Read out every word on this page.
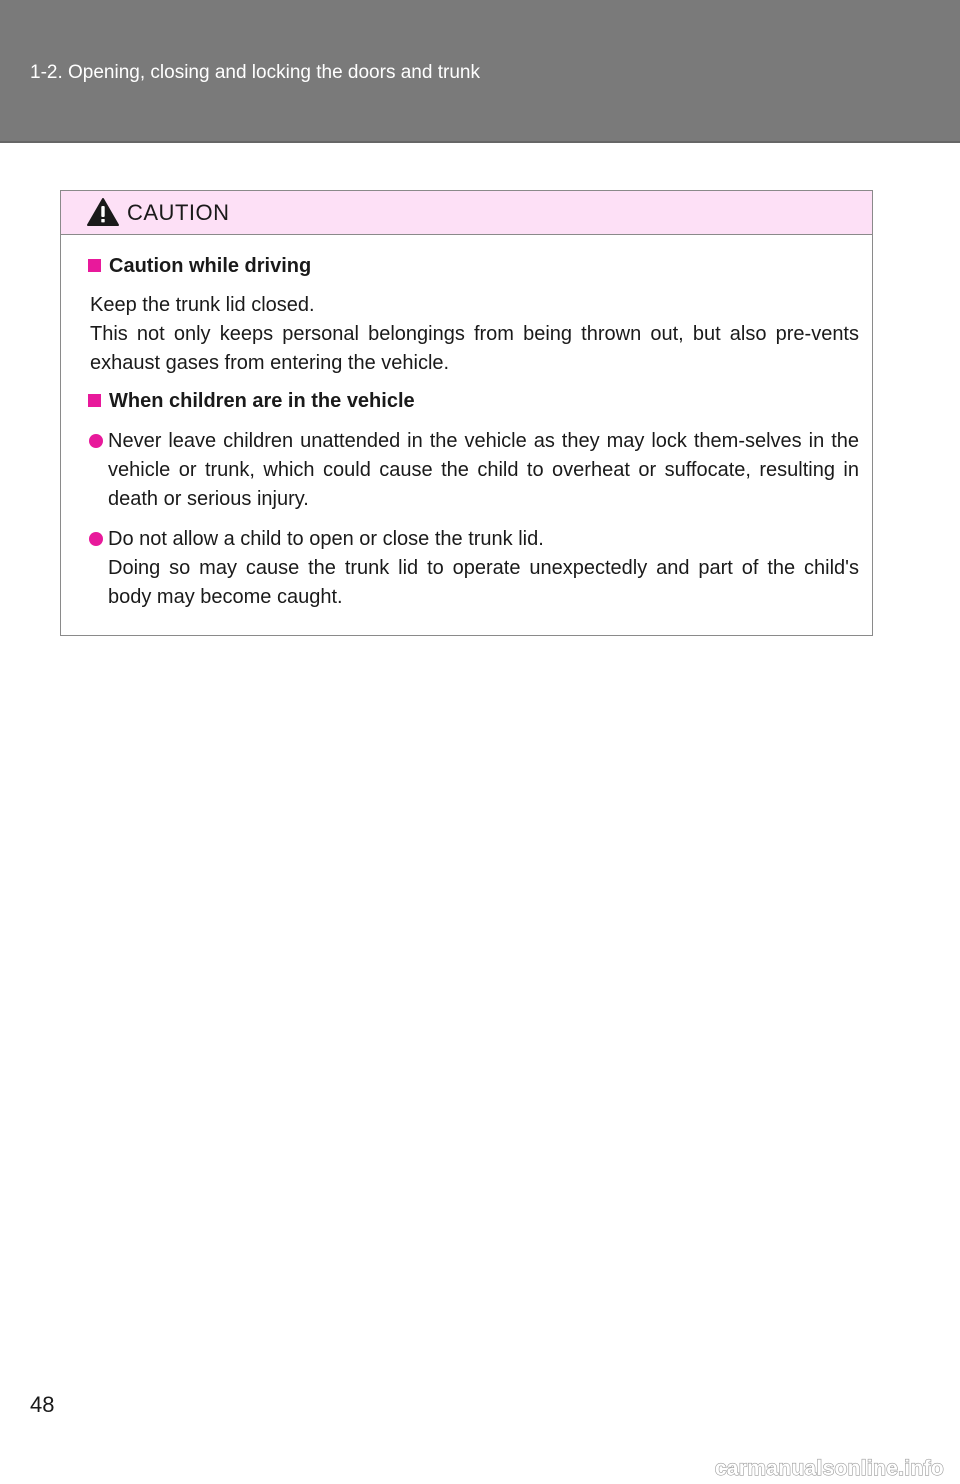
1-2. Opening, closing and locking the doors and trunk
CAUTION
Caution while driving
Keep the trunk lid closed.
This not only keeps personal belongings from being thrown out, but also pre-vents exhaust gases from entering the vehicle.
When children are in the vehicle
Never leave children unattended in the vehicle as they may lock them-selves in the vehicle or trunk, which could cause the child to overheat or suffocate, resulting in death or serious injury.
Do not allow a child to open or close the trunk lid.
Doing so may cause the trunk lid to operate unexpectedly and part of the child's body may become caught.
48
carmanualsonline.info
